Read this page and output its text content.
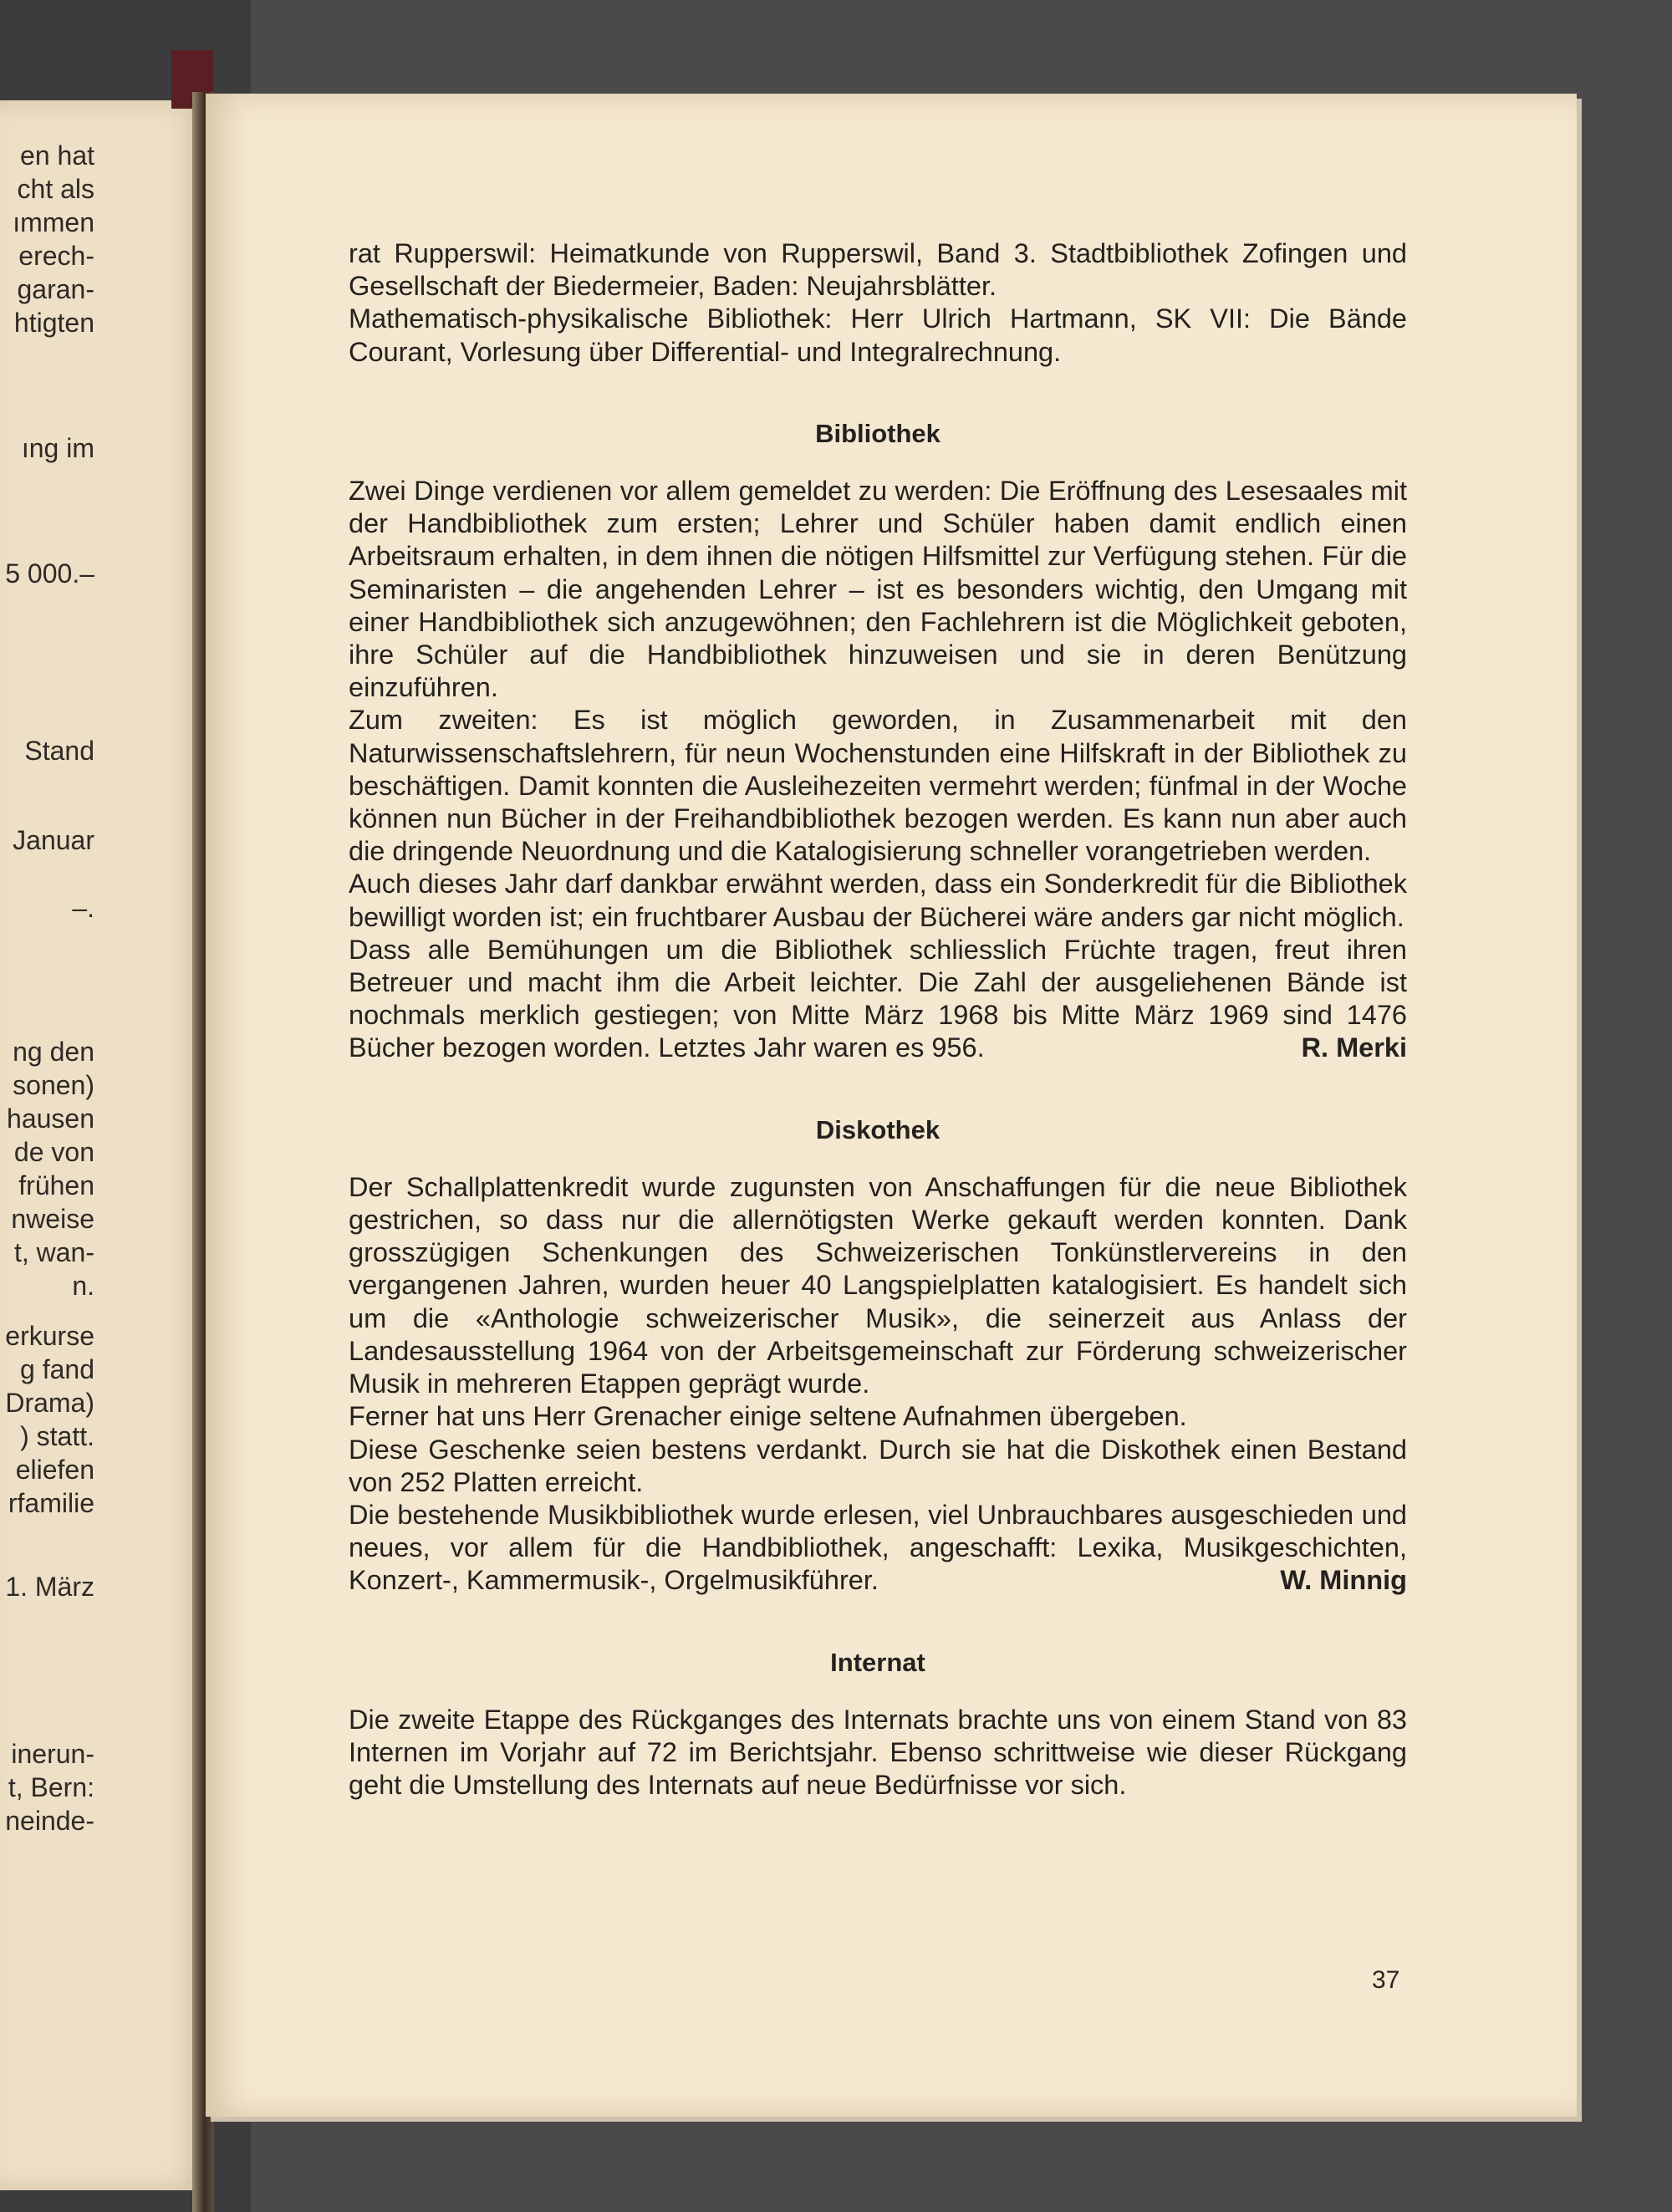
en hat
cht als
ımmen
erech-
garan-
htigten
ıng im
5 000.–
Stand
Januar
–.
ng den
sonen)
hausen
de von
frühen
nweise
t, wan-
n.
erkurse
g fand
Drama)
) statt.
eliefen
rfamilie
1. März
inerun-
t, Bern:
neinde-

rat Rupperswil: Heimatkunde von Rupperswil, Band 3. Stadtbibliothek Zofingen und Gesellschaft der Biedermeier, Baden: Neujahrsblätter.

Mathematisch-physikalische Bibliothek: Herr Ulrich Hartmann, SK VII: Die Bände Courant, Vorlesung über Differential- und Integralrechnung.

Bibliothek

Zwei Dinge verdienen vor allem gemeldet zu werden: Die Eröffnung des Lesesaales mit der Handbibliothek zum ersten; Lehrer und Schüler haben damit endlich einen Arbeitsraum erhalten, in dem ihnen die nötigen Hilfsmittel zur Verfügung stehen. Für die Seminaristen – die angehenden Lehrer – ist es besonders wichtig, den Umgang mit einer Handbibliothek sich anzugewöhnen; den Fachlehrern ist die Möglichkeit geboten, ihre Schüler auf die Handbibliothek hinzuweisen und sie in deren Benützung einzuführen.

Zum zweiten: Es ist möglich geworden, in Zusammenarbeit mit den Naturwissenschaftslehrern, für neun Wochenstunden eine Hilfskraft in der Bibliothek zu beschäftigen. Damit konnten die Ausleihezeiten vermehrt werden; fünfmal in der Woche können nun Bücher in der Freihandbibliothek bezogen werden. Es kann nun aber auch die dringende Neuordnung und die Katalogisierung schneller vorangetrieben werden.

Auch dieses Jahr darf dankbar erwähnt werden, dass ein Sonderkredit für die Bibliothek bewilligt worden ist; ein fruchtbarer Ausbau der Bücherei wäre anders gar nicht möglich.

Dass alle Bemühungen um die Bibliothek schliesslich Früchte tragen, freut ihren Betreuer und macht ihm die Arbeit leichter. Die Zahl der ausgeliehenen Bände ist nochmals merklich gestiegen; von Mitte März 1968 bis Mitte März 1969 sind 1476 Bücher bezogen worden. Letztes Jahr waren es 956.	R. Merki

Diskothek

Der Schallplattenkredit wurde zugunsten von Anschaffungen für die neue Bibliothek gestrichen, so dass nur die allernötigsten Werke gekauft werden konnten. Dank grosszügigen Schenkungen des Schweizerischen Tonkünstlervereins in den vergangenen Jahren, wurden heuer 40 Langspielplatten katalogisiert. Es handelt sich um die «Anthologie schweizerischer Musik», die seinerzeit aus Anlass der Landesausstellung 1964 von der Arbeitsgemeinschaft zur Förderung schweizerischer Musik in mehreren Etappen geprägt wurde.

Ferner hat uns Herr Grenacher einige seltene Aufnahmen übergeben.

Diese Geschenke seien bestens verdankt. Durch sie hat die Diskothek einen Bestand von 252 Platten erreicht.

Die bestehende Musikbibliothek wurde erlesen, viel Unbrauchbares ausgeschieden und neues, vor allem für die Handbibliothek, angeschafft: Lexika, Musikgeschichten, Konzert-, Kammermusik-, Orgelmusikführer.	W. Minnig

Internat

Die zweite Etappe des Rückganges des Internats brachte uns von einem Stand von 83 Internen im Vorjahr auf 72 im Berichtsjahr. Ebenso schrittweise wie dieser Rückgang geht die Umstellung des Internats auf neue Bedürfnisse vor sich.

37
